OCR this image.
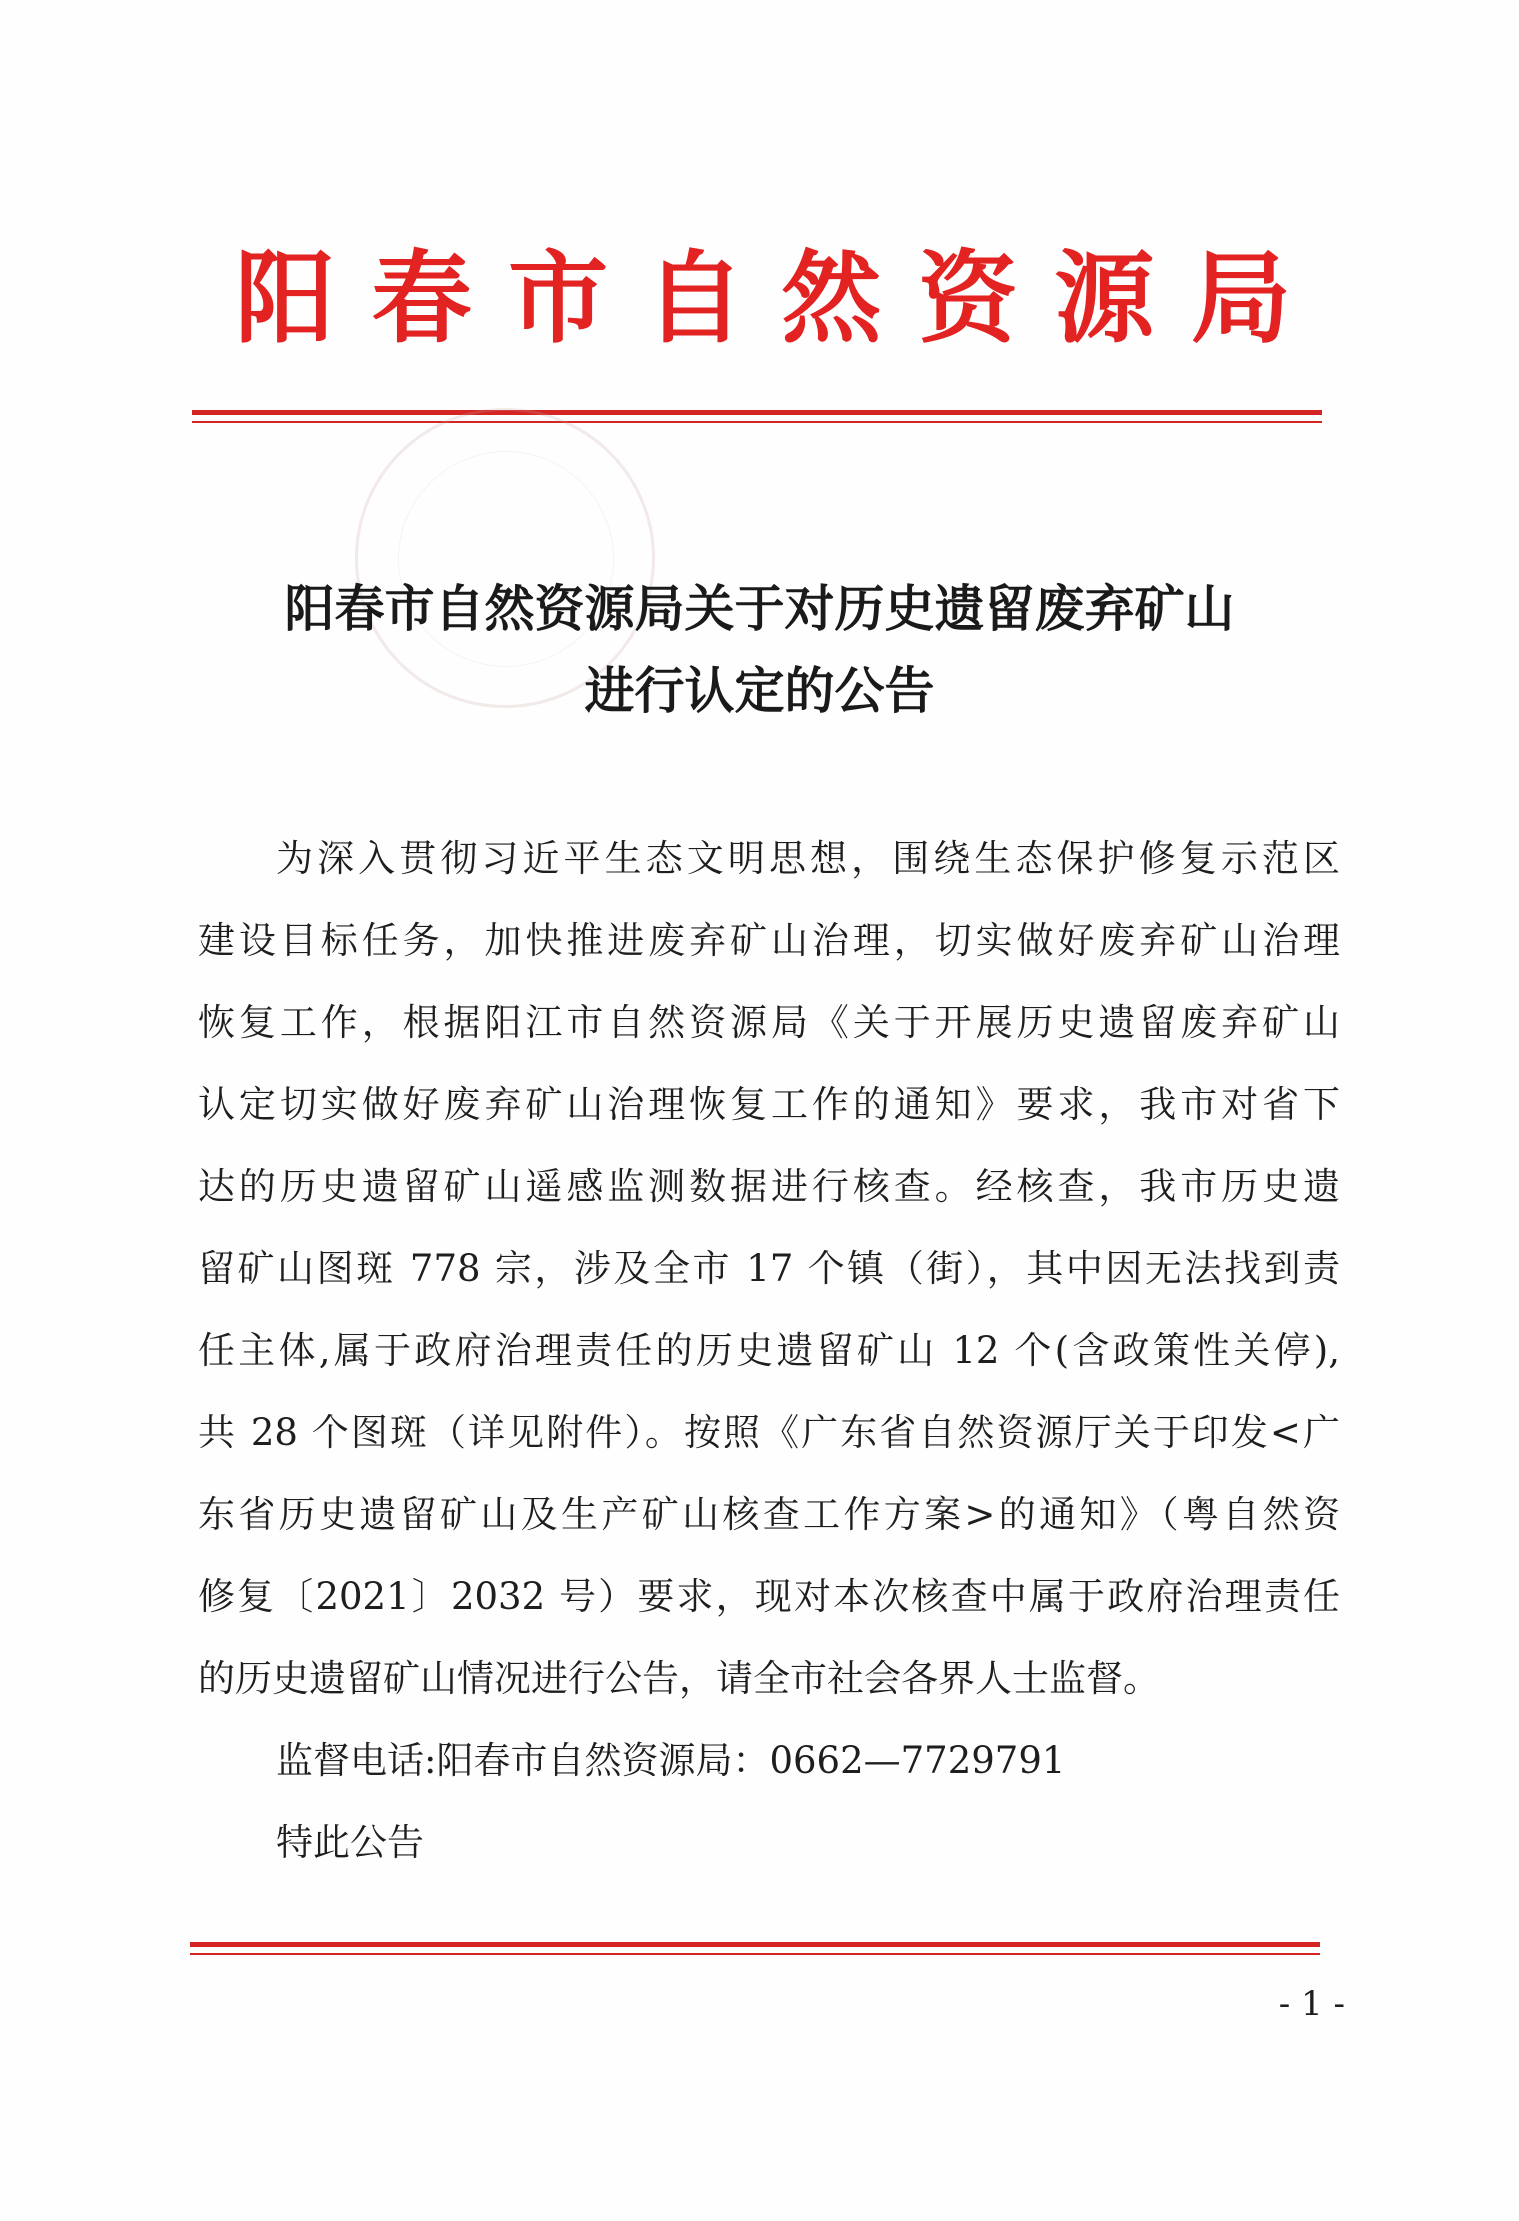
阳春市自然资源局
阳春市自然资源局关于对历史遗留废弃矿山
进行认定的公告
为深入贯彻习近平生态文明思想，围绕生态保护修复示范区
建设目标任务，加快推进废弃矿山治理，切实做好废弃矿山治理
恢复工作，根据阳江市自然资源局《关于开展历史遗留废弃矿山
认定切实做好废弃矿山治理恢复工作的通知》要求，我市对省下
达的历史遗留矿山遥感监测数据进行核查。经核查，我市历史遗
留矿山图斑 778 宗，涉及全市 17 个镇（街），其中因无法找到责
任主体,属于政府治理责任的历史遗留矿山 12 个(含政策性关停),
共 28 个图斑（详见附件）。按照《广东省自然资源厅关于印发<广
东省历史遗留矿山及生产矿山核查工作方案>的通知》（粤自然资
修复〔2021〕2032 号）要求，现对本次核查中属于政府治理责任
的历史遗留矿山情况进行公告，请全市社会各界人士监督。
监督电话:阳春市自然资源局：0662—7729791
特此公告
- 1 -
